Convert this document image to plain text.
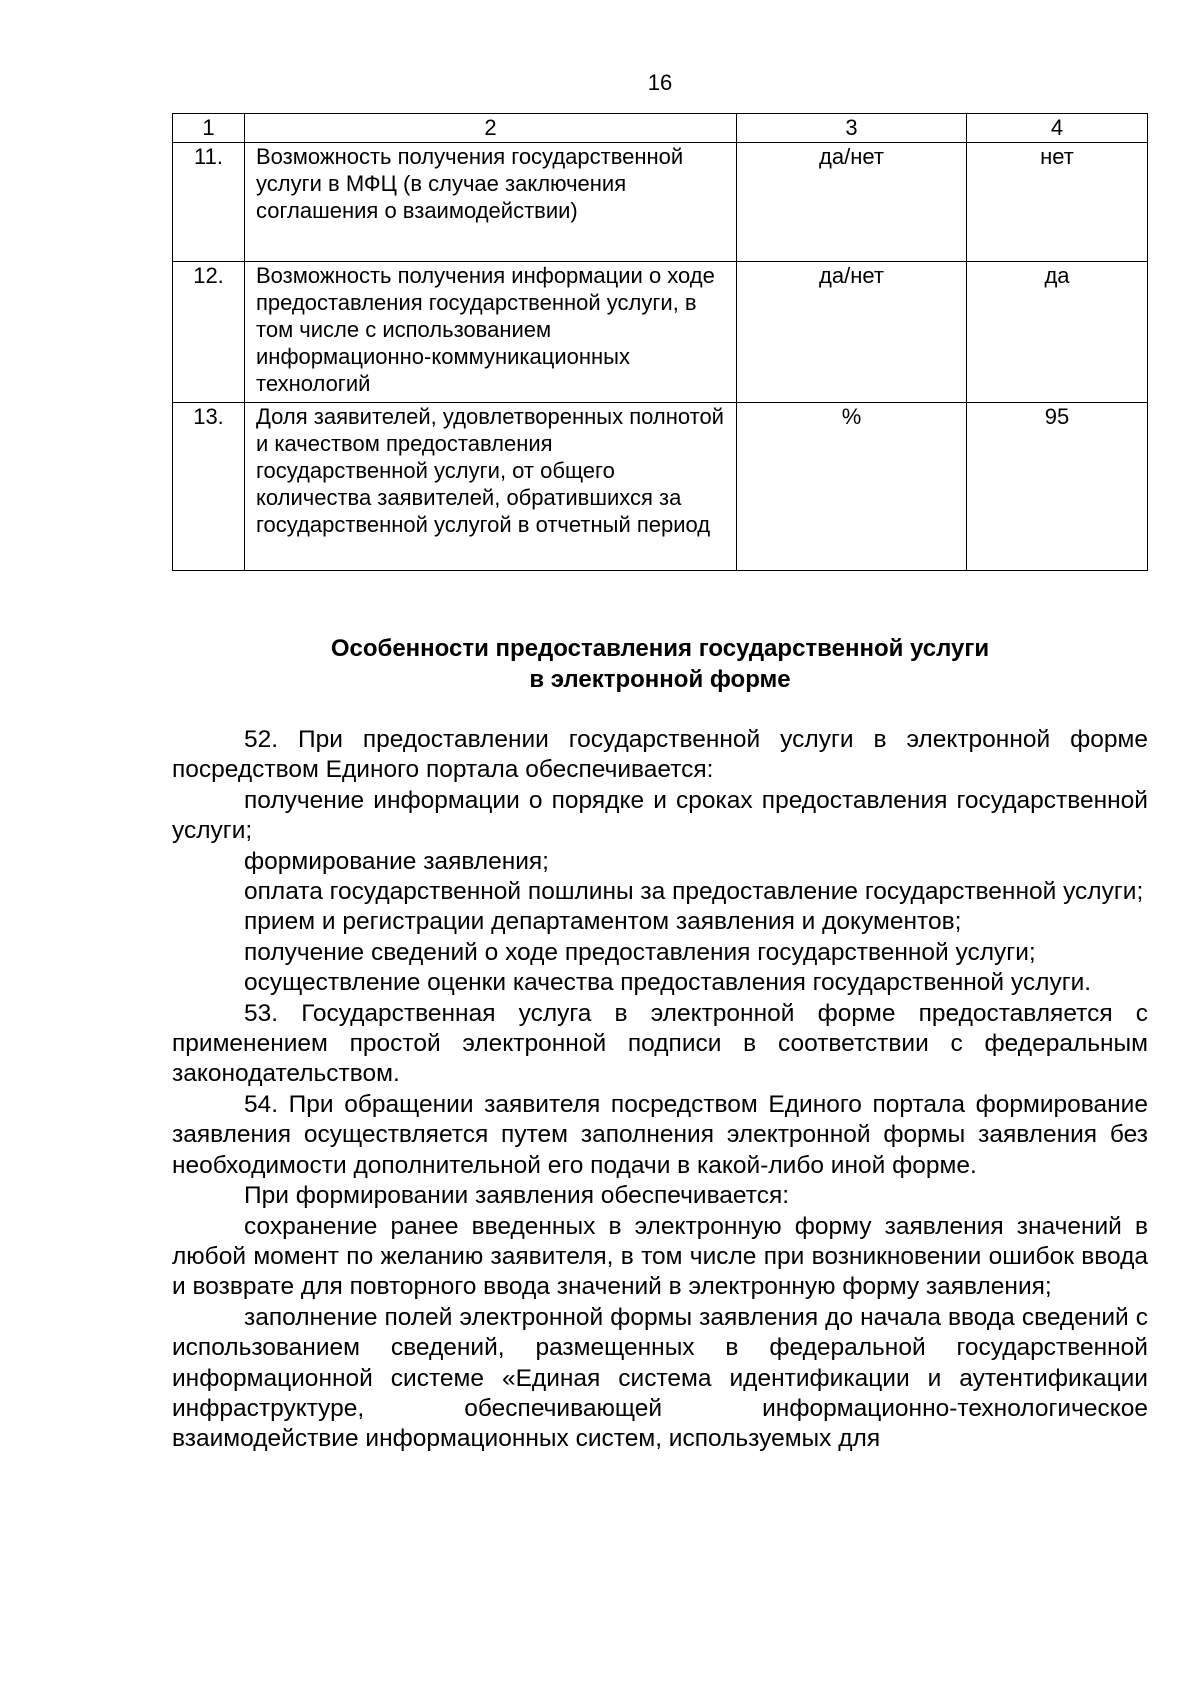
16
1	2	3	4
11.	Возможность получения государственной услуги в МФЦ (в случае заключения соглашения о взаимодействии)	да/нет	нет
12.	Возможность получения информации о ходе предоставления государственной услуги, в том числе с использованием информационно-коммуникационных технологий	да/нет	да
13.	Доля заявителей, удовлетворенных полнотой и качеством предоставления государственной услуги, от общего количества заявителей, обратившихся за государственной услугой в отчетный период	%	95
Особенности предоставления государственной услуги
в электронной форме

52. При предоставлении государственной услуги в электронной форме посредством Единого портала обеспечивается:

получение информации о порядке и сроках предоставления государственной услуги;

формирование заявления;

оплата государственной пошлины за предоставление государственной услуги;

прием и регистрации департаментом заявления и документов;

получение сведений о ходе предоставления государственной услуги;

осуществление оценки качества предоставления государственной услуги.

53. Государственная услуга в электронной форме предоставляется с применением простой электронной подписи в соответствии с федеральным законодательством.

54. При обращении заявителя посредством Единого портала формирование заявления осуществляется путем заполнения электронной формы заявления без необходимости дополнительной его подачи в какой-либо иной форме.

При формировании заявления обеспечивается:

сохранение ранее введенных в электронную форму заявления значений в любой момент по желанию заявителя, в том числе при возникновении ошибок ввода и возврате для повторного ввода значений в электронную форму заявления;

заполнение полей электронной формы заявления до начала ввода сведений с использованием сведений, размещенных в федеральной государственной информационной системе «Единая система идентификации и аутентификации инфраструктуре, обеспечивающей информационно-технологическое взаимодействие информационных систем, используемых для
